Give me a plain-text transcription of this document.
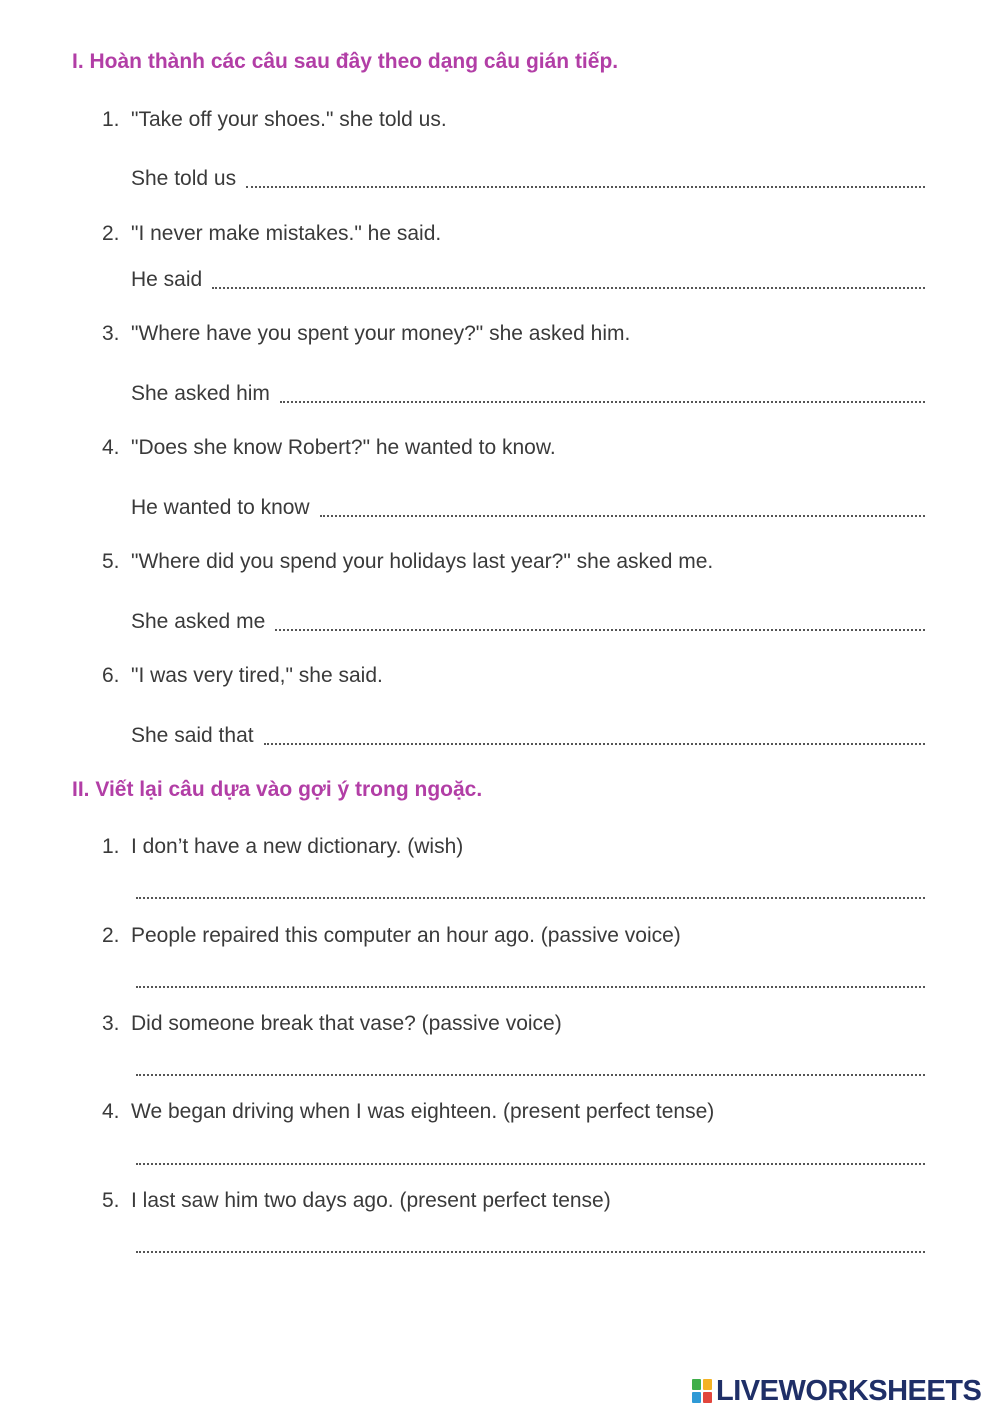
I. Hoàn thành các câu sau đây theo dạng câu gián tiếp.
1. "Take off your shoes." she told us.
She told us
2. "I never make mistakes." he said.
He said
3. "Where have you spent your money?" she asked him.
She asked him
4. "Does she know Robert?" he wanted to know.
He wanted to know
5. "Where did you spend your holidays last year?" she asked me.
She asked me
6. "I was very tired," she said.
She said that
II. Viết lại câu dựa vào gợi ý trong ngoặc.
1. I don’t have a new dictionary. (wish)
2. People repaired this computer an hour ago. (passive voice)
3. Did someone break that vase? (passive voice)
4. We began driving when I was eighteen. (present perfect tense)
5. I last saw him two days ago. (present perfect tense)
LIVEWORKSHEETS
